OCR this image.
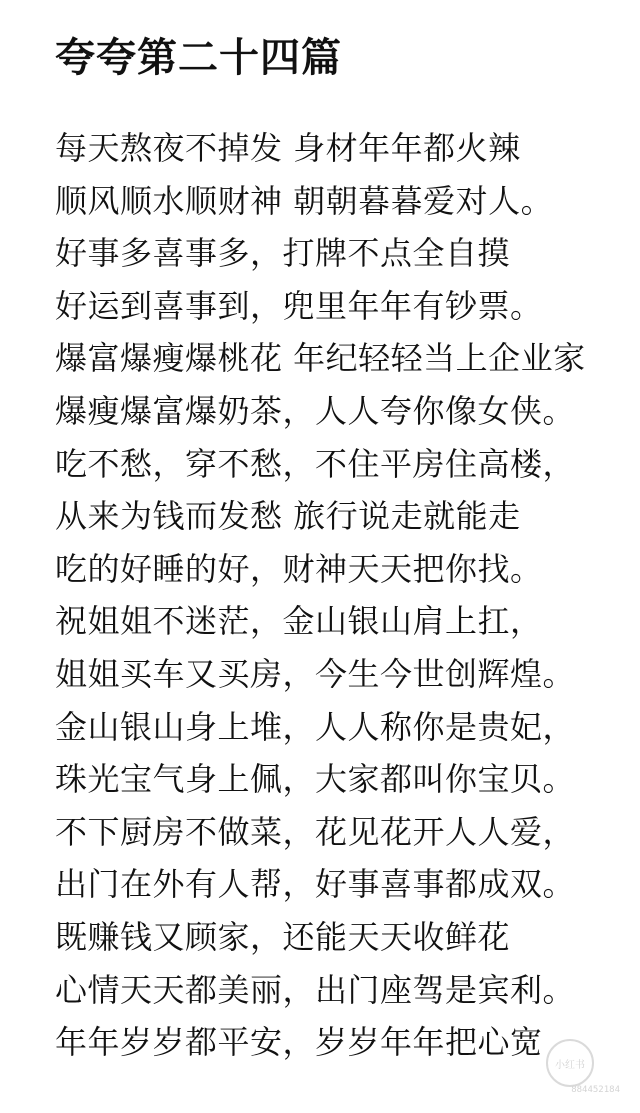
夸夸第二十四篇
每天熬夜不掉发 身材年年都火辣
顺风顺水顺财神 朝朝暮暮爱对人。
好事多喜事多，打牌不点全自摸
好运到喜事到，兜里年年有钞票。
爆富爆瘦爆桃花 年纪轻轻当上企业家
爆瘦爆富爆奶茶，人人夸你像女侠。
吃不愁，穿不愁，不住平房住高楼，
从来为钱而发愁 旅行说走就能走
吃的好睡的好，财神天天把你找。
祝姐姐不迷茫，金山银山肩上扛，
姐姐买车又买房，今生今世创辉煌。
金山银山身上堆，人人称你是贵妃，
珠光宝气身上佩，大家都叫你宝贝。
不下厨房不做菜，花见花开人人爱，
出门在外有人帮，好事喜事都成双。
既赚钱又顾家，还能天天收鲜花
心情天天都美丽，出门座驾是宾利。
年年岁岁都平安，岁岁年年把心宽
小红书
884452184
